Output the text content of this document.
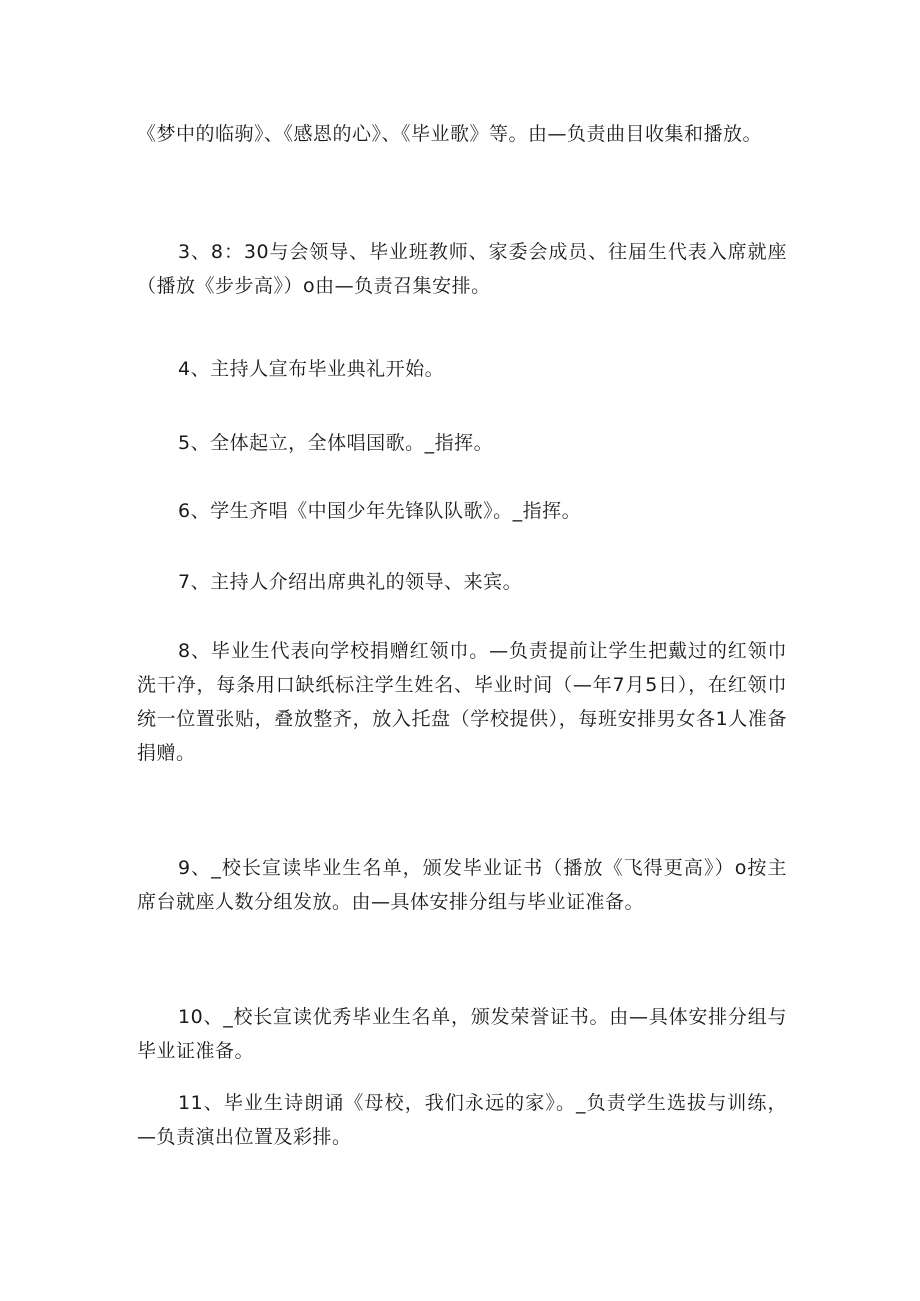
《梦中的临驹》、《感恩的心》、《毕业歌》等。由—负责曲目收集和播放。

3、8：30与会领导、毕业班教师、家委会成员、往届生代表入席就座（播放《步步高》）o由—负责召集安排。

4、主持人宣布毕业典礼开始。

5、全体起立，全体唱国歌。_指挥。

6、学生齐唱《中国少年先锋队队歌》。_指挥。

7、主持人介绍出席典礼的领导、来宾。

8、毕业生代表向学校捐赠红领巾。—负责提前让学生把戴过的红领巾洗干净，每条用口缺纸标注学生姓名、毕业时间（—年7月5日），在红领巾统一位置张贴，叠放整齐，放入托盘（学校提供），每班安排男女各1人准备捐赠。

9、_校长宣读毕业生名单，颁发毕业证书（播放《飞得更高》）o按主席台就座人数分组发放。由—具体安排分组与毕业证准备。

10、_校长宣读优秀毕业生名单，颁发荣誉证书。由—具体安排分组与毕业证准备。

11、毕业生诗朗诵《母校，我们永远的家》。_负责学生选拔与训练，—负责演出位置及彩排。
